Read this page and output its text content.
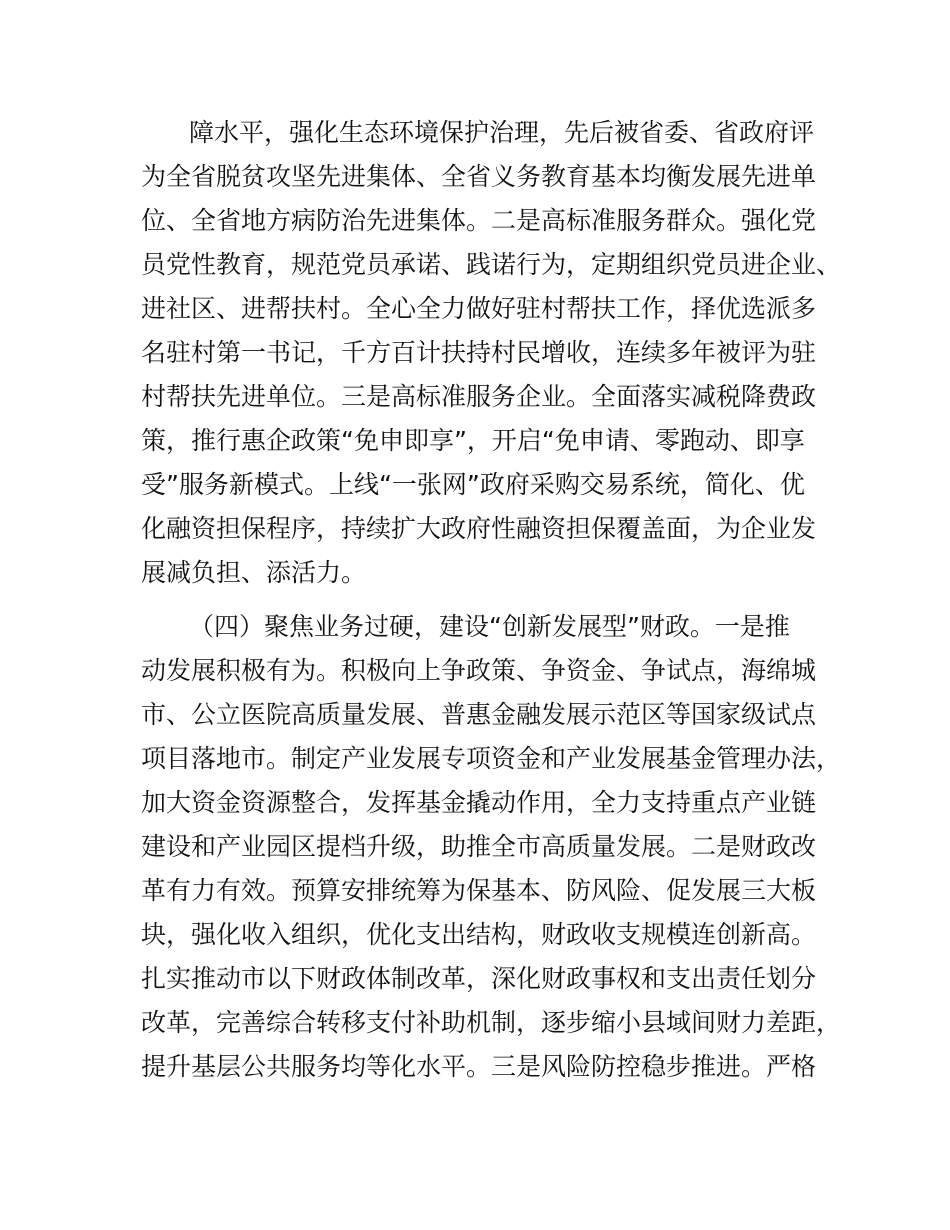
障水平，强化生态环境保护治理，先后被省委、省政府评
为全省脱贫攻坚先进集体、全省义务教育基本均衡发展先进单
位、全省地方病防治先进集体。二是高标准服务群众。强化党
员党性教育，规范党员承诺、践诺行为，定期组织党员进企业、
进社区、进帮扶村。全心全力做好驻村帮扶工作，择优选派多
名驻村第一书记，千方百计扶持村民增收，连续多年被评为驻
村帮扶先进单位。三是高标准服务企业。全面落实减税降费政
策，推行惠企政策“免申即享”，开启“免申请、零跑动、即享
受”服务新模式。上线“一张网”政府采购交易系统，简化、优
化融资担保程序，持续扩大政府性融资担保覆盖面，为企业发
展减负担、添活力。
（四）聚焦业务过硬，建设“创新发展型”财政。一是推
动发展积极有为。积极向上争政策、争资金、争试点，海绵城
市、公立医院高质量发展、普惠金融发展示范区等国家级试点
项目落地市。制定产业发展专项资金和产业发展基金管理办法，
加大资金资源整合，发挥基金撬动作用，全力支持重点产业链
建设和产业园区提档升级，助推全市高质量发展。二是财政改
革有力有效。预算安排统筹为保基本、防风险、促发展三大板
块，强化收入组织，优化支出结构，财政收支规模连创新高。
扎实推动市以下财政体制改革，深化财政事权和支出责任划分
改革，完善综合转移支付补助机制，逐步缩小县域间财力差距，
提升基层公共服务均等化水平。三是风险防控稳步推进。严格
